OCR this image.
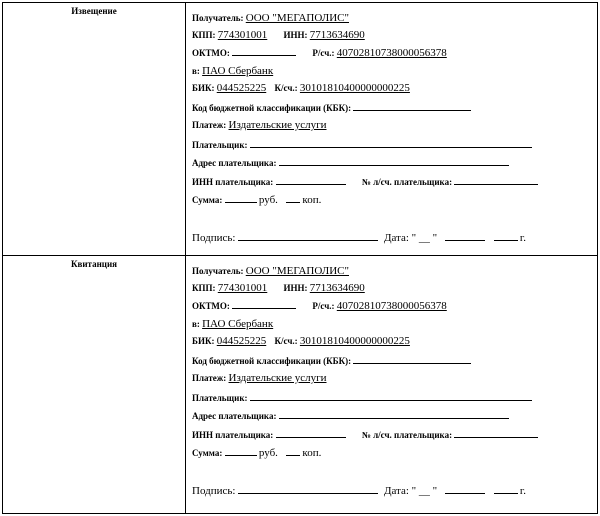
Извещение
Получатель: ООО "МЕГАПОЛИС"
КПП: 774301001 ИНН: 7713634690
ОКТМО:	Р/сч.: 40702810738000056378
в: ПАО Сбербанк
БИК: 044525225 К/сч.: 30101810400000000225
Код бюджетной классификации (КБК):
Платеж: Издательские услуги
Плательщик:
Адрес плательщика:
ИНН плательщика:	№ л/сч. плательщика:
Сумма:	руб. коп.
Подпись:	Дата: " __ "	г.
Квитанция
Получатель: ООО "МЕГАПОЛИС"
КПП: 774301001 ИНН: 7713634690
ОКТМО:	Р/сч.: 40702810738000056378
в: ПАО Сбербанк
БИК: 044525225 К/сч.: 30101810400000000225
Код бюджетной классификации (КБК):
Платеж: Издательские услуги
Плательщик:
Адрес плательщика:
ИНН плательщика:	№ л/сч. плательщика:
Сумма:	руб. коп.
Подпись:	Дата: " __ "	г.
